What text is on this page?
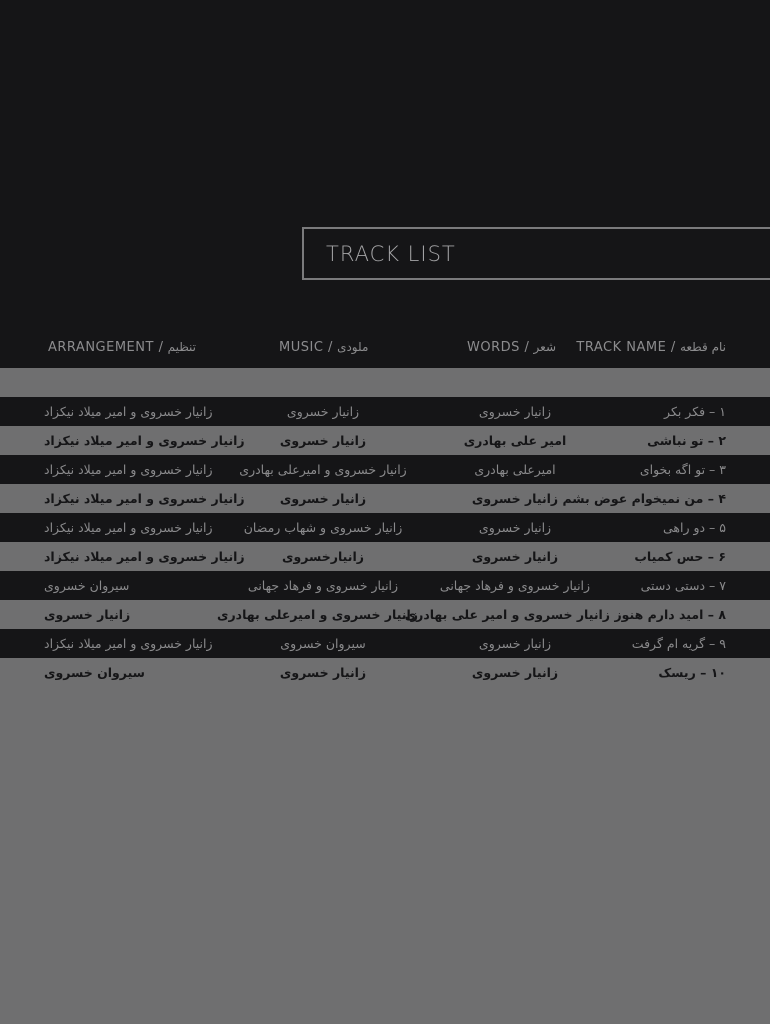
TRACK LIST
TRACK NAME / نام قطعه
WORDS / شعر
MUSIC / ملودی
ARRANGEMENT / تنظیم
۱ – فکر بکر
زانیار خسروی
زانیار خسروی
زانیار خسروی و امیر میلاد نیکزاد
۲ – تو نباشی
امیر علی بهادری
زانیار خسروی
زانیار خسروی و امیر میلاد نیکزاد
۳ – تو اگه بخوای
امیرعلی بهادری
زانیار خسروی و امیرعلی بهادری
زانیار خسروی و امیر میلاد نیکزاد
۴ – من نمیخوام عوض بشم
زانیار خسروی
زانیار خسروی
زانیار خسروی و امیر میلاد نیکزاد
۵ – دو راهی
زانیار خسروی
زانیار خسروی و شهاب رمضان
زانیار خسروی و امیر میلاد نیکزاد
۶ – حس کمیاب
زانیار خسروی
زانیارخسروی
زانیار خسروی و امیر میلاد نیکزاد
۷ – دستی دستی
زانیار خسروی و فرهاد جهانی
زانیار خسروی و فرهاد جهانی
سیروان خسروی
۸ – امید دارم هنوز
زانیار خسروی و امیر علی بهادری
زانیار خسروی و امیرعلی بهادری
زانیار خسروی
۹ – گریه ام گرفت
زانیار خسروی
سیروان خسروی
زانیار خسروی و امیر میلاد نیکزاد
۱۰ – ریسک
زانیار خسروی
زانیار خسروی
سیروان خسروی
